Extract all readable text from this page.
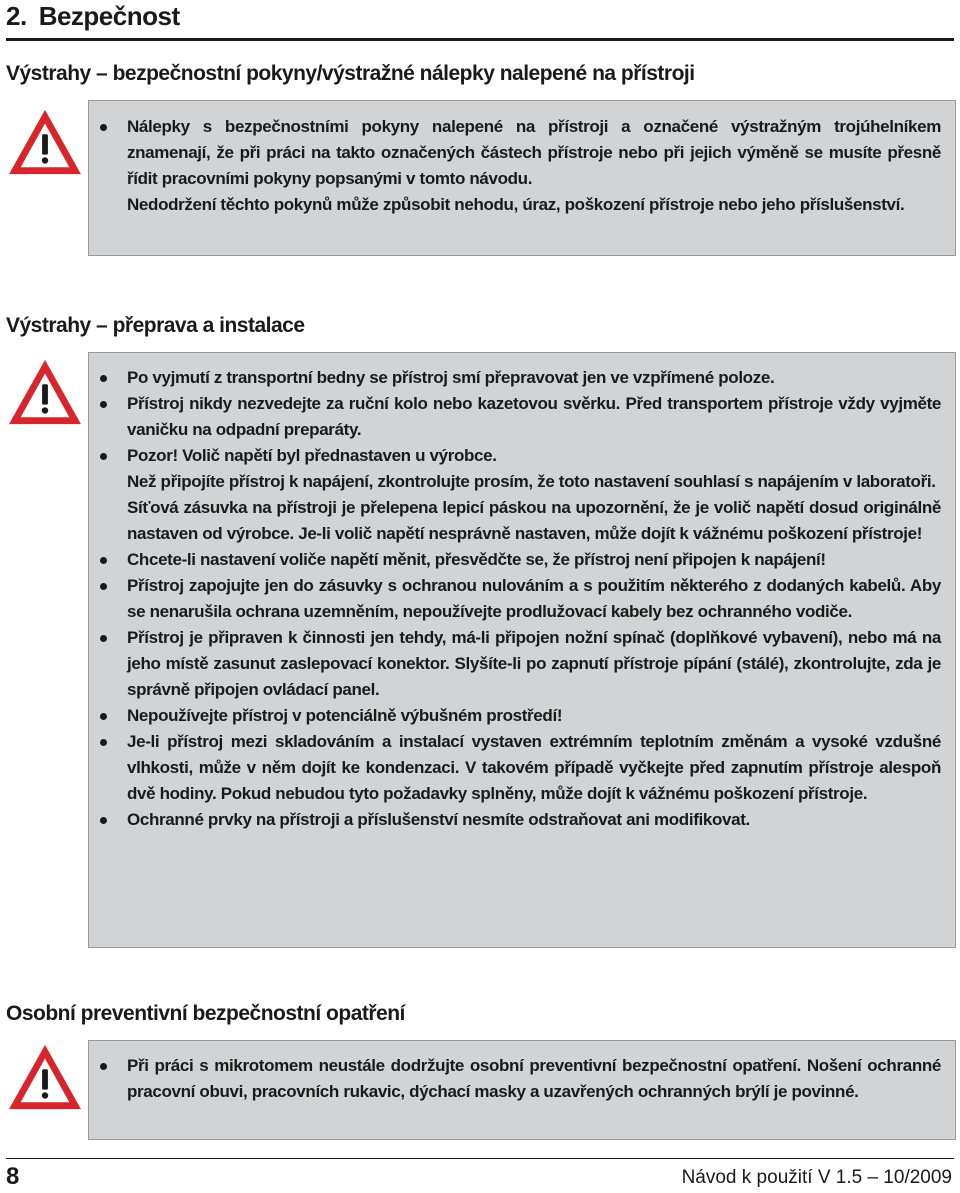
2. Bezpečnost
Výstrahy – bezpečnostní pokyny/výstražné nálepky nalepené na přístroji
Nálepky s bezpečnostními pokyny nalepené na přístroji a označené výstražným trojúhelníkem znamenají, že při práci na takto označených částech přístroje nebo při jejich výměně se musíte přesně řídit pracovními pokyny popsanými v tomto návodu.
Nedodržení těchto pokynů může způsobit nehodu, úraz, poškození přístroje nebo jeho příslušenství.
Výstrahy – přeprava a instalace
Po vyjmutí z transportní bedny se přístroj smí přepravovat jen ve vzpřímené poloze.
Přístroj nikdy nezvedejte za ruční kolo nebo kazetovou svěrku. Před transportem přístroje vždy vyjměte vaničku na odpadní preparáty.
Pozor! Volič napětí byl přednastaven u výrobce.
Než připojíte přístroj k napájení, zkontrolujte prosím, že toto nastavení souhlasí s napájením v laboratoři.
Síťová zásuvka na přístroji je přelepena lepicí páskou na upozornění, že je volič napětí dosud originálně nastaven od výrobce. Je-li volič napětí nesprávně nastaven, může dojít k vážnému poškození přístroje!
Chcete-li nastavení voliče napětí měnit, přesvědčte se, že přístroj není připojen k napájení!
Přístroj zapojujte jen do zásuvky s ochranou nulováním a s použitím některého z dodaných kabelů. Aby se nenarušila ochrana uzemněním, nepoužívejte prodlužovací kabely bez ochranného vodiče.
Přístroj je připraven k činnosti jen tehdy, má-li připojen nožní spínač (doplňkové vybavení), nebo má na jeho místě zasunut zaslepovací konektor. Slyšíte-li po zapnutí přístroje pípání (stálé), zkontrolujte, zda je správně připojen ovládací panel.
Nepoužívejte přístroj v potenciálně výbušném prostředí!
Je-li přístroj mezi skladováním a instalací vystaven extrémním teplotním změnám a vysoké vzdušné vlhkosti, může v něm dojít ke kondenzaci. V takovém případě vyčkejte před zapnutím přístroje alespoň dvě hodiny. Pokud nebudou tyto požadavky splněny, může dojít k vážnému poškození přístroje.
Ochranné prvky na přístroji a příslušenství nesmíte odstraňovat ani modifikovat.
Osobní preventivní bezpečnostní opatření
Při práci s mikrotomem neustále dodržujte osobní preventivní bezpečnostní opatření. Nošení ochranné pracovní obuvi, pracovních rukavic, dýchací masky a uzavřených ochranných brýlí je povinné.
8	Návod k použití V 1.5 – 10/2009
